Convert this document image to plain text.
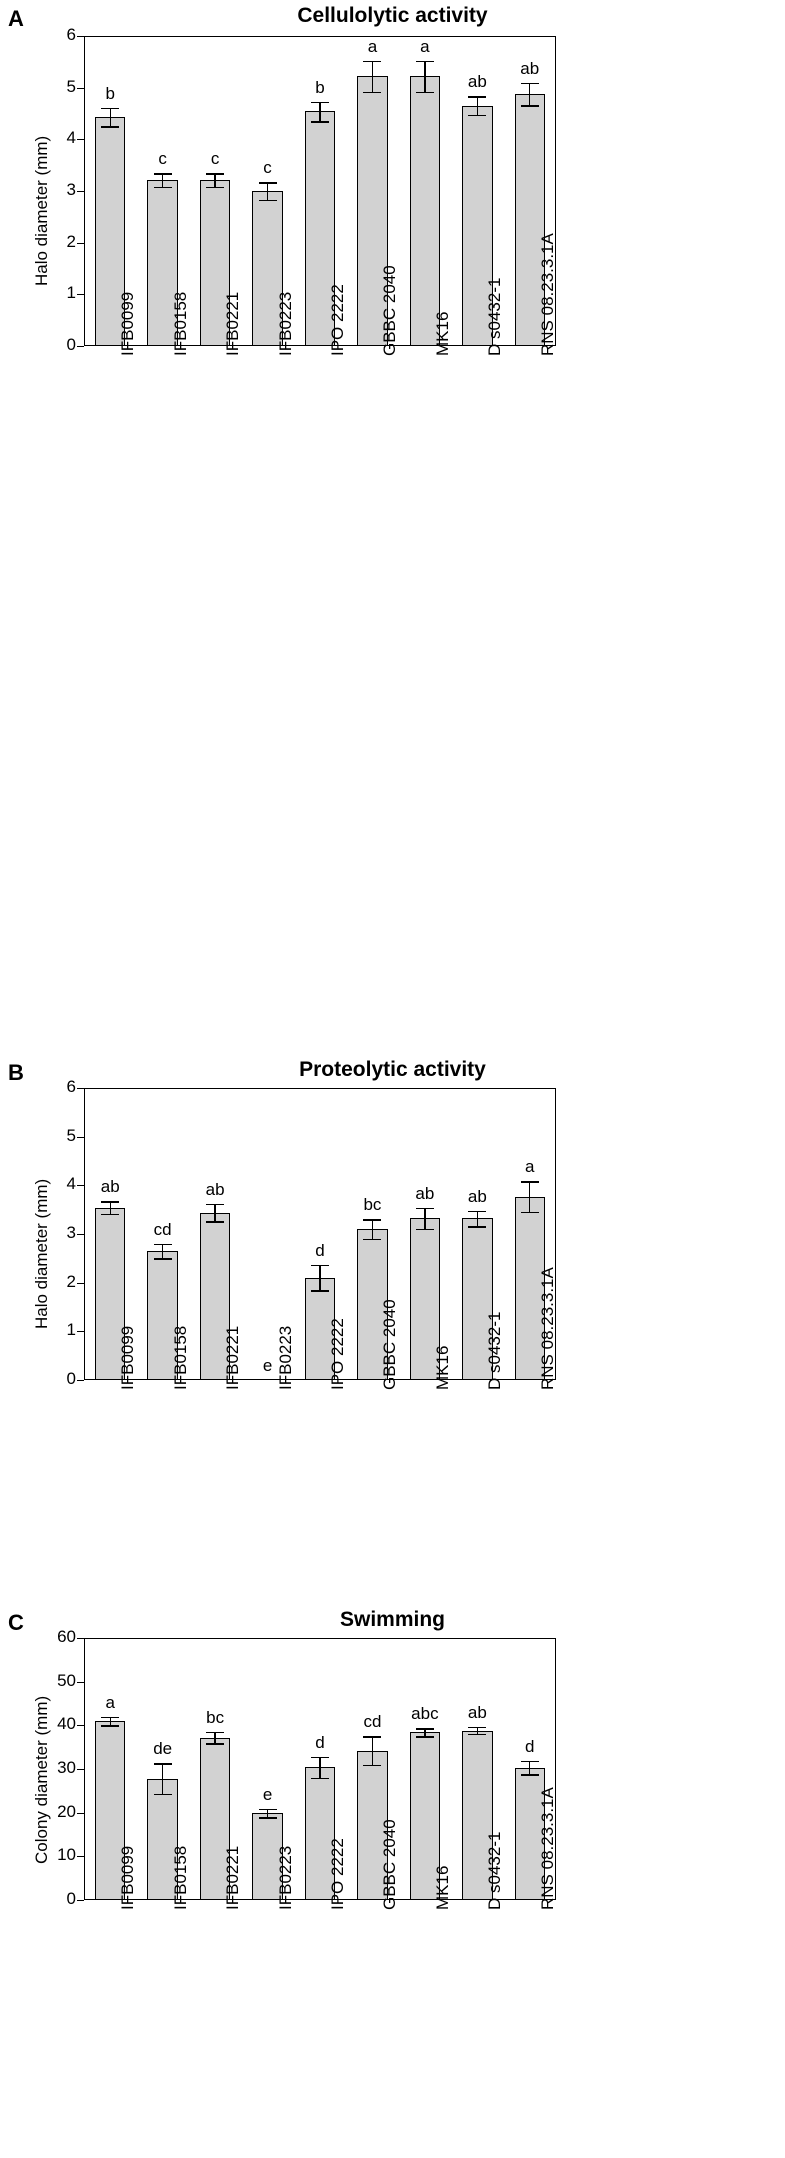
A	Cellulolytic activity
Halo diameter (mm)
0
1
2
3
4
5
6
b
IFB0099
c
IFB0158
c
IFB0221
c
IFB0223
b
IPO 2222
a
GBBC 2040
a
MK16
ab
D s0432-1
ab
RNS 08.23.3.1A
B	Proteolytic activity
Halo diameter (mm)
0
1
2
3
4
5
6
ab
IFB0099
cd
IFB0158
ab
IFB0221	e IFB0223
d
IPO 2222
bc
GBBC 2040
ab
MK16
ab
D s0432-1
a
RNS 08.23.3.1A
C	Swimming
Colony diameter (mm)
0
10
20
30
40
50
60
a
IFB0099
de
IFB0158
bc
IFB0221
e
IFB0223
d
IPO 2222
cd
GBBC 2040
abc
MK16
ab
D s0432-1
d
RNS 08.23.3.1A
